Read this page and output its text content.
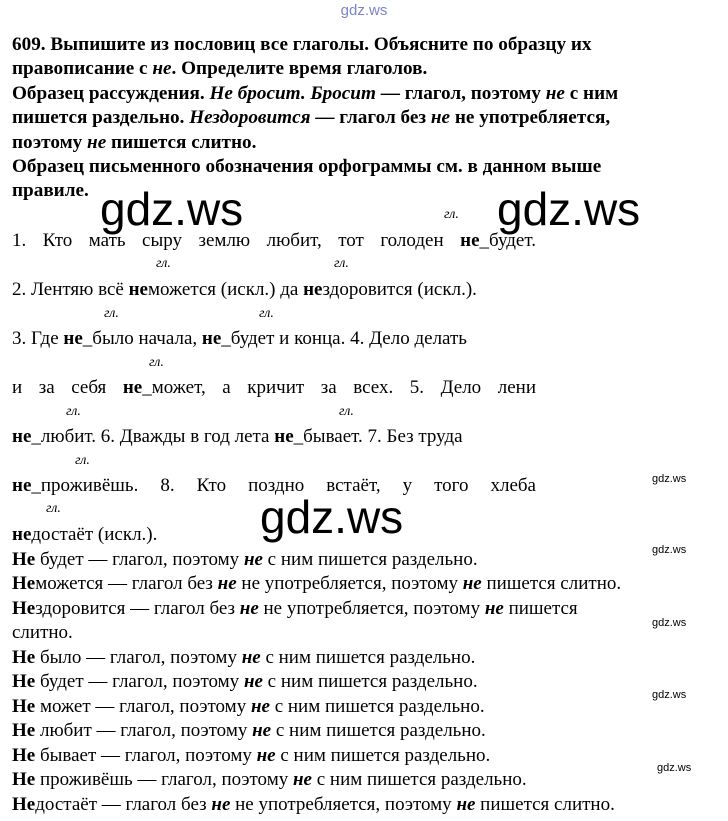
gdz.ws
gdz.ws	gdz.ws
gdz.ws
gdz.ws
gdz.ws
gdz.ws
gdz.ws
gdz.ws
609. Выпишите из пословиц все глаголы. Объясните по образцу их
правописание с не. Определите время глаголов.
Образец рассуждения. Не бросит. Бросит — глагол, поэтому не с ним
пишется раздельно. Нездоровится — глагол без не не употребляется,
поэтому не пишется слитно.
Образец письменного обозначения орфограммы см. в данном выше
правиле.
гл.
гл.	гл.
гл.	гл.
гл.
гл.	гл.
гл.
гл.
1. Кто мать сыру землю любит, тот голоден не_будет.
2. Лентяю всё неможется (искл.) да нездоровится (искл.).
3. Где не_было начала, не_будет и конца. 4. Дело делать
и за себя не_может, а кричит за всех. 5. Дело лени
не_любит. 6. Дважды в год лета не_бывает. 7. Без труда
не_проживёшь. 8. Кто поздно встаёт, у того хлеба
недостаёт (искл.).
Не будет — глагол, поэтому не с ним пишется раздельно.
Неможется — глагол без не не употребляется, поэтому не пишется слитно.
Нездоровится — глагол без не не употребляется, поэтому не пишется
слитно.
Не было — глагол, поэтому не с ним пишется раздельно.
Не будет — глагол, поэтому не с ним пишется раздельно.
Не может — глагол, поэтому не с ним пишется раздельно.
Не любит — глагол, поэтому не с ним пишется раздельно.
Не бывает — глагол, поэтому не с ним пишется раздельно.
Не проживёшь — глагол, поэтому не с ним пишется раздельно.
Недостаёт — глагол без не не употребляется, поэтому не пишется слитно.
